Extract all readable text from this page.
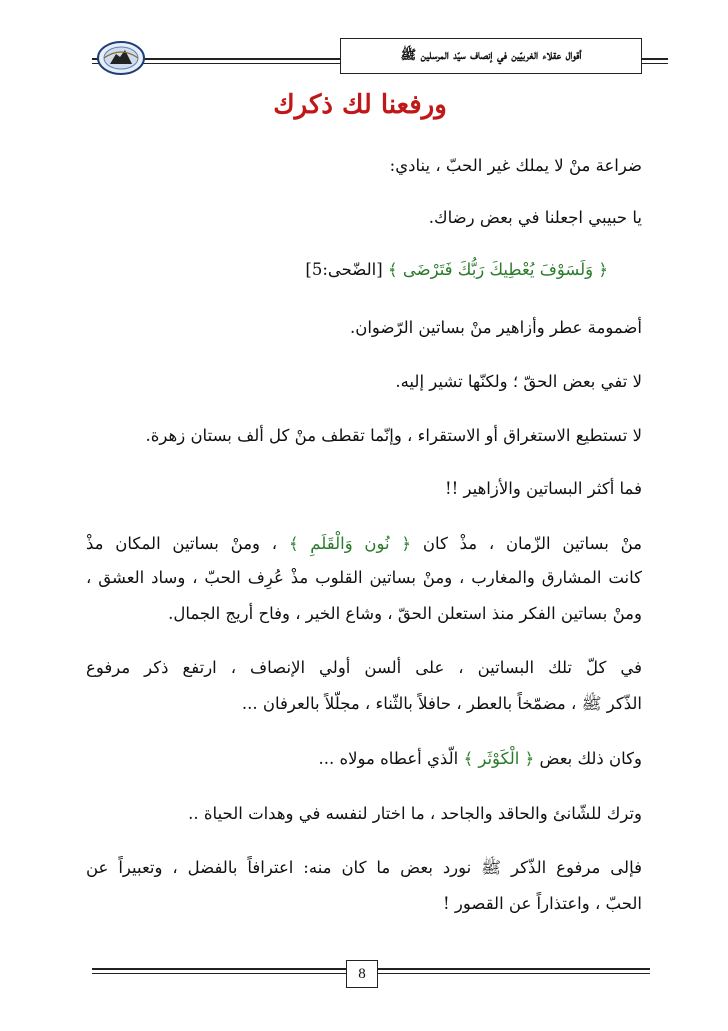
أقوال عقلاء الغربيّين في إنصاف سيّد المرسلين ﷺ
ورفعنا لك ذكرك
ضراعة منْ لا يملك غير الحبّ ، ينادي:
يا حبيبي اجعلنا في بعض رضاك.
﴿ وَلَسَوْفَ يُعْطِيكَ رَبُّكَ فَتَرْضَى ﴾ [الضّحى:5]
أضمومة عطر وأزاهير منْ بساتين الرّضوان.
لا تفي بعض الحقّ ؛ ولكنّها تشير إليه.
لا تستطيع الاستغراق أو الاستقراء ، وإنّما تقطف منْ كل ألف بستان زهرة.
فما أكثر البساتين والأزاهير !!
منْ بساتين الزّمان ، مذْ كان ﴿ نُون وَالْقَلَمِ ﴾ ، ومنْ بساتين المكان مذْ
كانت المشارق والمغارب ، ومنْ بساتين القلوب مذْ عُرِف الحبّ ، وساد العشق ،
ومنْ بساتين الفكر منذ استعلن الحقّ ، وشاع الخير ، وفاح أريج الجمال.
في كلّ تلك البساتين ، على ألسن أولي الإنصاف ، ارتفع ذكر مرفوع
الذّكر ﷺ ، مضمّخاً بالعطر ، حافلاً بالثّناء ، مجلّلاً بالعرفان ...
وكان ذلك بعض ﴿ الْكَوْثَر ﴾ الّذي أعطاه مولاه ...
وترك للشّانئ والحاقد والجاحد ، ما اختار لنفسه في وهدات الحياة ..
فإلى مرفوع الذّكر ﷺ نورد بعض ما كان منه: اعترافاً بالفضل ، وتعبيراً عن
الحبّ ، واعتذاراً عن القصور !
8
